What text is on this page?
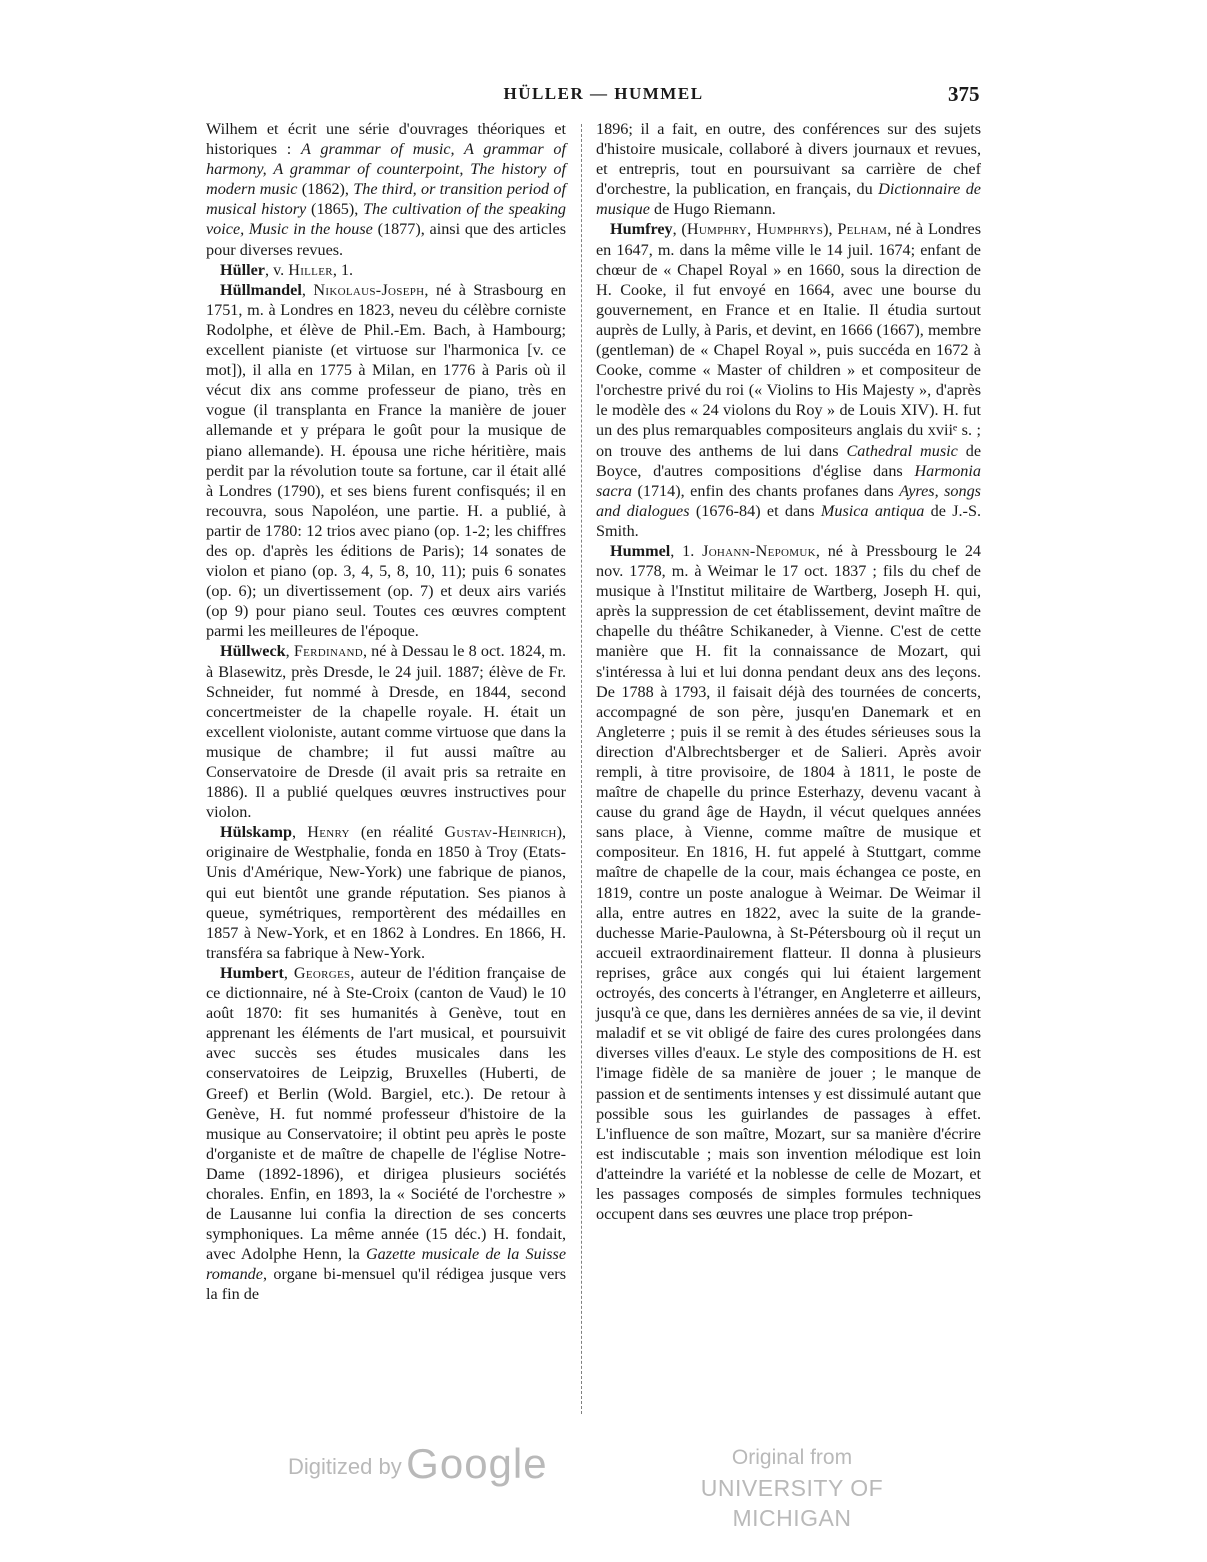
HÜLLER — HUMMEL	375

Wilhem et écrit une série d'ouvrages théoriques et historiques : A grammar of music, A grammar of harmony, A grammar of counterpoint, The history of modern music (1862), The third, or transition period of musical history (1865), The cultivation of the speaking voice, Music in the house (1877), ainsi que des articles pour diverses revues.

Hüller, v. Hiller, 1.

Hüllmandel, Nikolaus-Joseph, né à Strasbourg en 1751, m. à Londres en 1823, neveu du célèbre corniste Rodolphe, et élève de Phil.-Em. Bach, à Hambourg; excellent pianiste (et virtuose sur l'harmonica [v. ce mot]), il alla en 1775 à Milan, en 1776 à Paris où il vécut dix ans comme professeur de piano, très en vogue (il transplanta en France la manière de jouer allemande et y prépara le goût pour la musique de piano allemande). H. épousa une riche héritière, mais perdit par la révolution toute sa fortune, car il était allé à Londres (1790), et ses biens furent confisqués; il en recouvra, sous Napoléon, une partie. H. a publié, à partir de 1780: 12 trios avec piano (op. 1-2; les chiffres des op. d'après les éditions de Paris); 14 sonates de violon et piano (op. 3, 4, 5, 8, 10, 11); puis 6 sonates (op. 6); un divertissement (op. 7) et deux airs variés (op 9) pour piano seul. Toutes ces œuvres comptent parmi les meilleures de l'époque.

Hüllweck, Ferdinand, né à Dessau le 8 oct. 1824, m. à Blasewitz, près Dresde, le 24 juil. 1887; élève de Fr. Schneider, fut nommé à Dresde, en 1844, second concertmeister de la chapelle royale. H. était un excellent violoniste, autant comme virtuose que dans la musique de chambre; il fut aussi maître au Conservatoire de Dresde (il avait pris sa retraite en 1886). Il a publié quelques œuvres instructives pour violon.

Hülskamp, Henry (en réalité Gustav-Heinrich), originaire de Westphalie, fonda en 1850 à Troy (Etats-Unis d'Amérique, New-York) une fabrique de pianos, qui eut bientôt une grande réputation. Ses pianos à queue, symétriques, remportèrent des médailles en 1857 à New-York, et en 1862 à Londres. En 1866, H. transféra sa fabrique à New-York.

Humbert, Georges, auteur de l'édition française de ce dictionnaire, né à Ste-Croix (canton de Vaud) le 10 août 1870: fit ses humanités à Genève, tout en apprenant les éléments de l'art musical, et poursuivit avec succès ses études musicales dans les conservatoires de Leipzig, Bruxelles (Huberti, de Greef) et Berlin (Wold. Bargiel, etc.). De retour à Genève, H. fut nommé professeur d'histoire de la musique au Conservatoire; il obtint peu après le poste d'organiste et de maître de chapelle de l'église Notre-Dame (1892-1896), et dirigea plusieurs sociétés chorales. Enfin, en 1893, la « Société de l'orchestre » de Lausanne lui confia la direction de ses concerts symphoniques. La même année (15 déc.) H. fondait, avec Adolphe Henn, la Gazette musicale de la Suisse romande, organe bi-mensuel qu'il rédigea jusque vers la fin de

1896; il a fait, en outre, des conférences sur des sujets d'histoire musicale, collaboré à divers journaux et revues, et entrepris, tout en poursuivant sa carrière de chef d'orchestre, la publication, en français, du Dictionnaire de musique de Hugo Riemann.

Humfrey, (Humphry, Humphrys), Pelham, né à Londres en 1647, m. dans la même ville le 14 juil. 1674; enfant de chœur de « Chapel Royal » en 1660, sous la direction de H. Cooke, il fut envoyé en 1664, avec une bourse du gouvernement, en France et en Italie. Il étudia surtout auprès de Lully, à Paris, et devint, en 1666 (1667), membre (gentleman) de « Chapel Royal », puis succéda en 1672 à Cooke, comme « Master of children » et compositeur de l'orchestre privé du roi (« Violins to His Majesty », d'après le modèle des « 24 violons du Roy » de Louis XIV). H. fut un des plus remarquables compositeurs anglais du xviiᵉ s. ; on trouve des anthems de lui dans Cathedral music de Boyce, d'autres compositions d'église dans Harmonia sacra (1714), enfin des chants profanes dans Ayres, songs and dialogues (1676-84) et dans Musica antiqua de J.-S. Smith.

Hummel, 1. Johann-Nepomuk, né à Pressbourg le 24 nov. 1778, m. à Weimar le 17 oct. 1837 ; fils du chef de musique à l'Institut militaire de Wartberg, Joseph H. qui, après la suppression de cet établissement, devint maître de chapelle du théâtre Schikaneder, à Vienne. C'est de cette manière que H. fit la connaissance de Mozart, qui s'intéressa à lui et lui donna pendant deux ans des leçons. De 1788 à 1793, il faisait déjà des tournées de concerts, accompagné de son père, jusqu'en Danemark et en Angleterre ; puis il se remit à des études sérieuses sous la direction d'Albrechtsberger et de Salieri. Après avoir rempli, à titre provisoire, de 1804 à 1811, le poste de maître de chapelle du prince Esterhazy, devenu vacant à cause du grand âge de Haydn, il vécut quelques années sans place, à Vienne, comme maître de musique et compositeur. En 1816, H. fut appelé à Stuttgart, comme maître de chapelle de la cour, mais échangea ce poste, en 1819, contre un poste analogue à Weimar. De Weimar il alla, entre autres en 1822, avec la suite de la grande-duchesse Marie-Paulowna, à St-Pétersbourg où il reçut un accueil extraordinairement flatteur. Il donna à plusieurs reprises, grâce aux congés qui lui étaient largement octroyés, des concerts à l'étranger, en Angleterre et ailleurs, jusqu'à ce que, dans les dernières années de sa vie, il devint maladif et se vit obligé de faire des cures prolongées dans diverses villes d'eaux. Le style des compositions de H. est l'image fidèle de sa manière de jouer ; le manque de passion et de sentiments intenses y est dissimulé autant que possible sous les guirlandes de passages à effet. L'influence de son maître, Mozart, sur sa manière d'écrire est indiscutable ; mais son invention mélodique est loin d'atteindre la variété et la noblesse de celle de Mozart, et les passages composés de simples formules techniques occupent dans ses œuvres une place trop prépon-

Digitized by Google	Original from
UNIVERSITY OF MICHIGAN
